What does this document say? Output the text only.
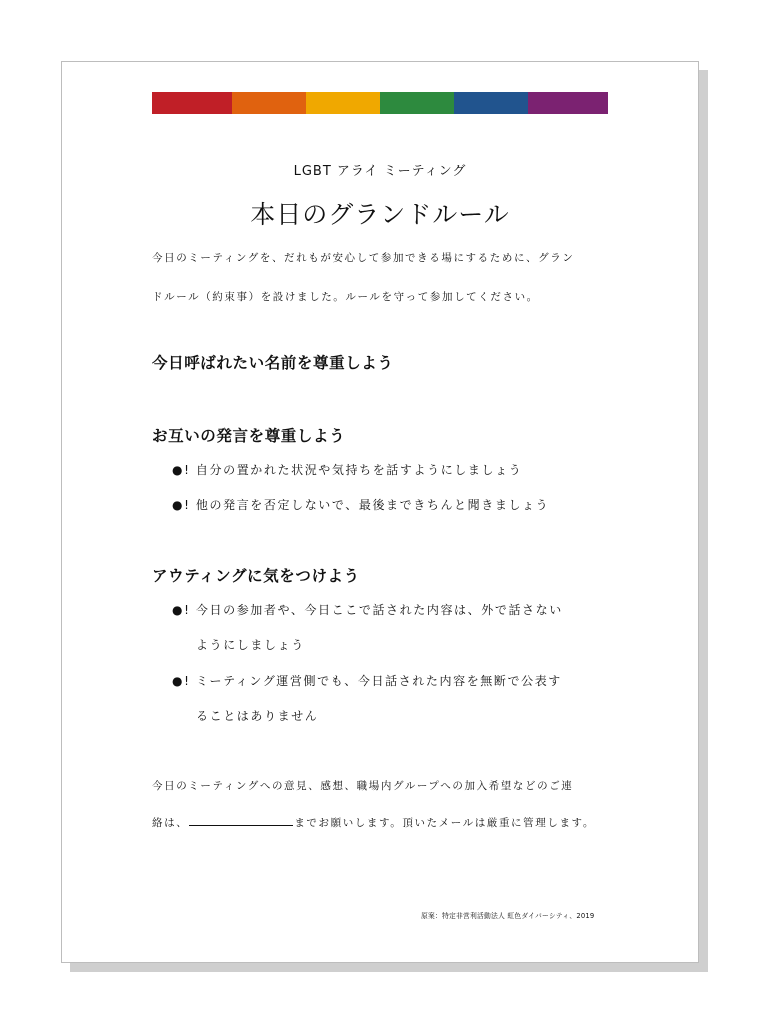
LGBT アライ ミーティング
本日のグランドルール
今日のミーティングを、だれもが安心して参加できる場にするために、グラン
ドルール（約束事）を設けました。ルールを守って参加してください。
今日呼ばれたい名前を尊重しよう
お互いの発言を尊重しよう
●! 自分の置かれた状況や気持ちを話すようにしましょう
●! 他の発言を否定しないで、最後まできちんと聞きましょう
アウティングに気をつけよう
●! 今日の参加者や、今日ここで話された内容は、外で話さない
ようにしましょう
●! ミーティング運営側でも、今日話された内容を無断で公表す
ることはありません
今日のミーティングへの意見、感想、職場内グループへの加入希望などのご連
絡は、	までお願いします。頂いたメールは厳重に管理します。
原案：特定非営利活動法人 虹色ダイバーシティ、2019
